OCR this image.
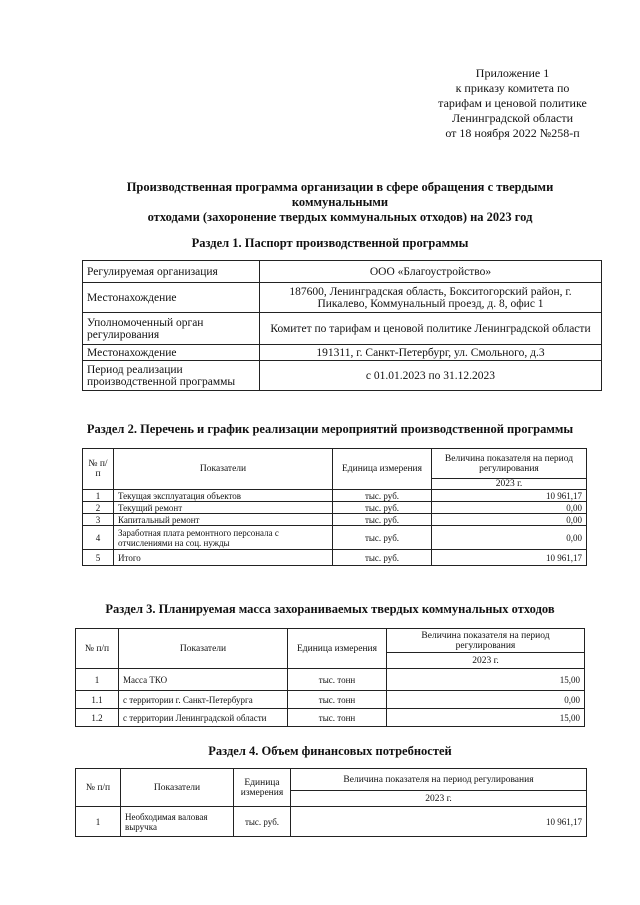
Приложение 1
к приказу комитета по
тарифам и ценовой политике
Ленинградской области
от 18 ноября 2022 №258-п
Производственная программа организации в сфере обращения с твердыми коммунальными
отходами (захоронение твердых коммунальных отходов) на 2023 год
Раздел 1. Паспорт производственной программы
Регулируемая организация	ООО «Благоустройство»
Местонахождение	187600, Ленинградская область, Бокситогорский район, г. Пикалево, Коммунальный проезд, д. 8, офис 1
Уполномоченный орган регулирования	Комитет по тарифам и ценовой политике Ленинградской области
Местонахождение	191311, г. Санкт-Петербург, ул. Смольного, д.3
Период реализации производственной программы	с 01.01.2023 по 31.12.2023
Раздел 2. Перечень и график реализации мероприятий производственной программы
№ п/п	Показатели	Единица измерения	Величина показателя на период регулирования
			2023 г.
1	Текущая эксплуатация объектов	тыс. руб.	10 961,17
2	Текущий ремонт	тыс. руб.	0,00
3	Капитальный ремонт	тыс. руб.	0,00
4	Заработная плата ремонтного персонала с отчислениями на соц. нужды	тыс. руб.	0,00
5	Итого	тыс. руб.	10 961,17
Раздел 3. Планируемая масса захораниваемых твердых коммунальных отходов
№ п/п	Показатели	Единица измерения	Величина показателя на период регулирования
			2023 г.
1	Масса ТКО	тыс. тонн	15,00
1.1	с территории г. Санкт-Петербурга	тыс. тонн	0,00
1.2	с территории Ленинградской области	тыс. тонн	15,00
Раздел 4. Объем финансовых потребностей
№ п/п	Показатели	Единица измерения	Величина показателя на период регулирования
			2023 г.
1	Необходимая валовая выручка	тыс. руб.	10 961,17
